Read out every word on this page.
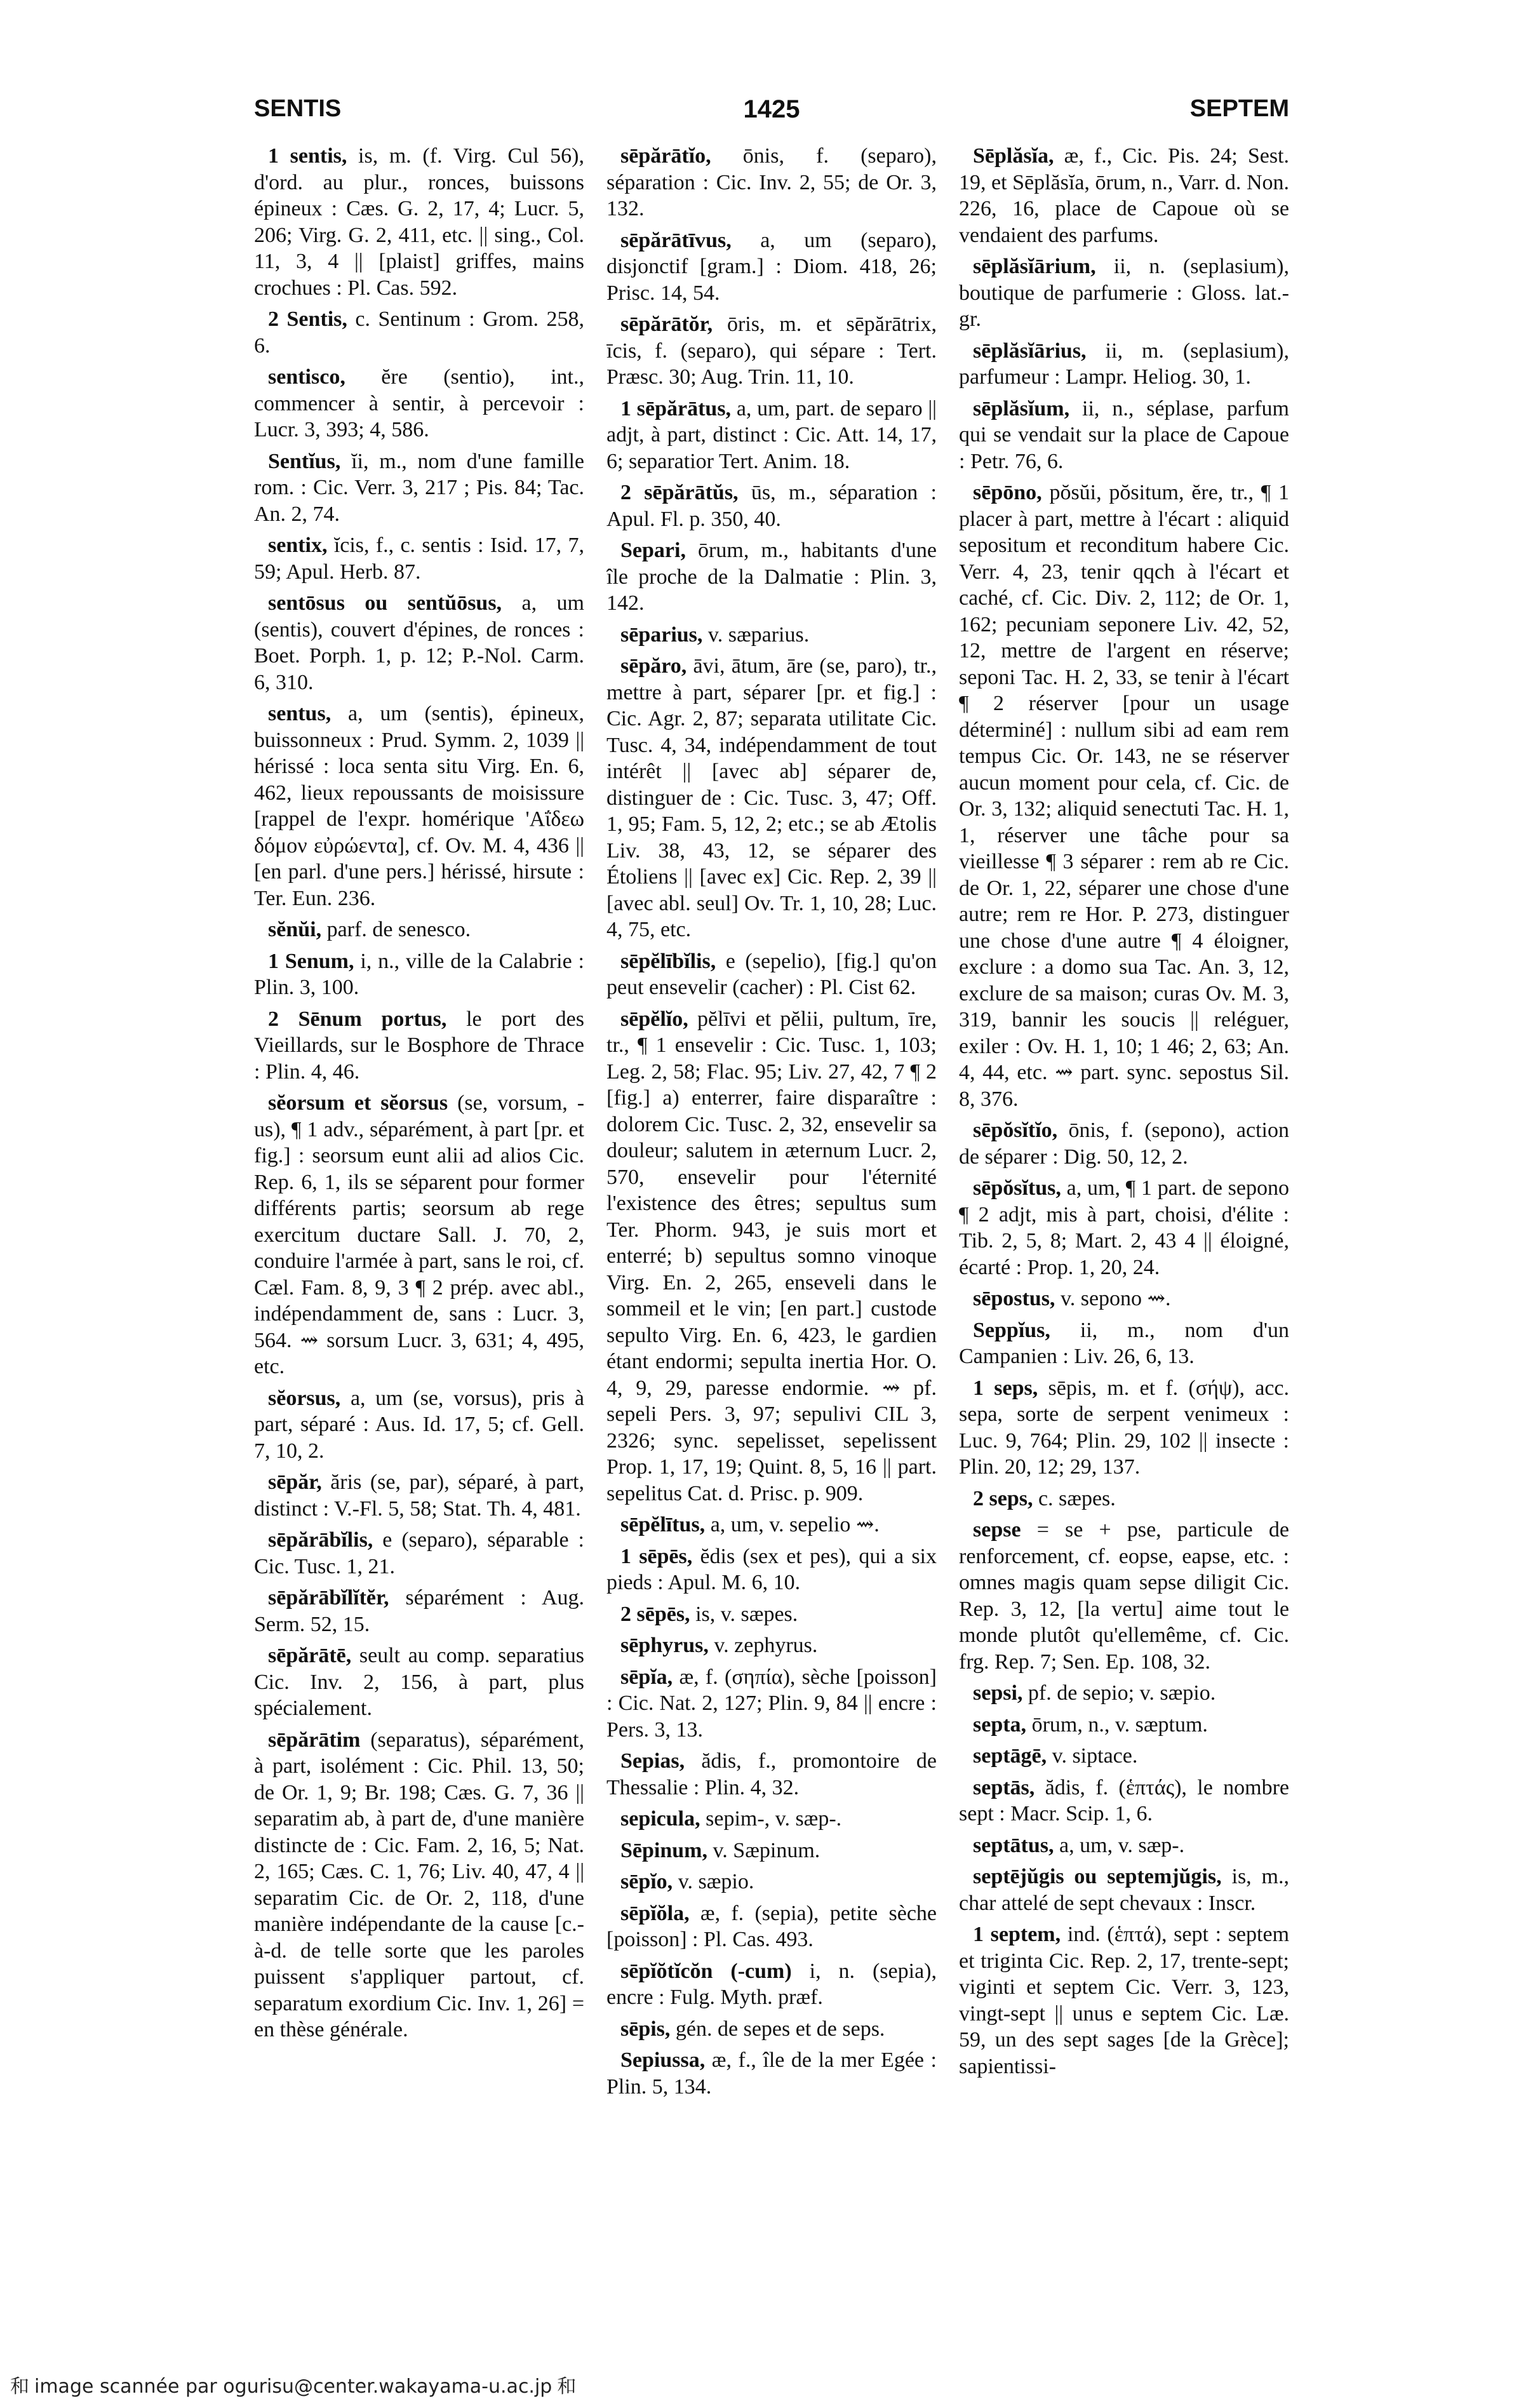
SENTIS	1425	SEPTEM

1 sentis, is, m. (f. Virg. Cul 56), d'ord. au plur., ronces, buissons épineux : Cæs. G. 2, 17, 4; Lucr. 5, 206; Virg. G. 2, 411, etc. || sing., Col. 11, 3, 4 || [plaist] griffes, mains crochues : Pl. Cas. 592.

2 Sentis, c. Sentinum : Grom. 258, 6.

sentisco, ĕre (sentio), int., commencer à sentir, à percevoir : Lucr. 3, 393; 4, 586.

Sentĭus, ĭi, m., nom d'une famille rom. : Cic. Verr. 3, 217 ; Pis. 84; Tac. An. 2, 74.

sentix, ĭcis, f., c. sentis : Isid. 17, 7, 59; Apul. Herb. 87.

sentōsus ou sentŭōsus, a, um (sentis), couvert d'épines, de ronces : Boet. Porph. 1, p. 12; P.-Nol. Carm. 6, 310.

sentus, a, um (sentis), épineux, buissonneux : Prud. Symm. 2, 1039 || hérissé : loca senta situ Virg. En. 6, 462, lieux repoussants de moisissure [rappel de l'expr. homérique 'Αΐδεω δόμον εὐρώεντα], cf. Ov. M. 4, 436 || [en parl. d'une pers.] hérissé, hirsute : Ter. Eun. 236.

sĕnŭi, parf. de senesco.

1 Senum, i, n., ville de la Calabrie : Plin. 3, 100.

2 Sēnum portus, le port des Vieillards, sur le Bosphore de Thrace : Plin. 4, 46.

sĕorsum et sĕorsus (se, vorsum, -us), ¶ 1 adv., séparément, à part [pr. et fig.] : seorsum eunt alii ad alios Cic. Rep. 6, 1, ils se séparent pour former différents partis; seorsum ab rege exercitum ductare Sall. J. 70, 2, conduire l'armée à part, sans le roi, cf. Cæl. Fam. 8, 9, 3 ¶ 2 prép. avec abl., indépendamment de, sans : Lucr. 3, 564. ⇝ sorsum Lucr. 3, 631; 4, 495, etc.

sĕorsus, a, um (se, vorsus), pris à part, séparé : Aus. Id. 17, 5; cf. Gell. 7, 10, 2.

sēpăr, ăris (se, par), séparé, à part, distinct : V.-Fl. 5, 58; Stat. Th. 4, 481.

sēpărābĭlis, e (separo), séparable : Cic. Tusc. 1, 21.

sēpărābĭlĭtĕr, séparément : Aug. Serm. 52, 15.

sēpărātē, seult au comp. separatius Cic. Inv. 2, 156, à part, plus spécialement.

sēpărātim (separatus), séparément, à part, isolément : Cic. Phil. 13, 50; de Or. 1, 9; Br. 198; Cæs. G. 7, 36 || separatim ab, à part de, d'une manière distincte de : Cic. Fam. 2, 16, 5; Nat. 2, 165; Cæs. C. 1, 76; Liv. 40, 47, 4 || separatim Cic. de Or. 2, 118, d'une manière indépendante de la cause [c.-à-d. de telle sorte que les paroles puissent s'appliquer partout, cf. separatum exordium Cic. Inv. 1, 26] = en thèse générale.

sēpărātĭo, ōnis, f. (separo), séparation : Cic. Inv. 2, 55; de Or. 3, 132.

sēpărātīvus, a, um (separo), disjonctif [gram.] : Diom. 418, 26; Prisc. 14, 54.

sēpărātŏr, ōris, m. et sēpărātrix, īcis, f. (separo), qui sépare : Tert. Præsc. 30; Aug. Trin. 11, 10.

1 sēpărātus, a, um, part. de separo || adjt, à part, distinct : Cic. Att. 14, 17, 6; separatior Tert. Anim. 18.

2 sēpărātŭs, ūs, m., séparation : Apul. Fl. p. 350, 40.

Separi, ōrum, m., habitants d'une île proche de la Dalmatie : Plin. 3, 142.

sēparius, v. sæparius.

sēpăro, āvi, ātum, āre (se, paro), tr., mettre à part, séparer [pr. et fig.] : Cic. Agr. 2, 87; separata utilitate Cic. Tusc. 4, 34, indépendamment de tout intérêt || [avec ab] séparer de, distinguer de : Cic. Tusc. 3, 47; Off. 1, 95; Fam. 5, 12, 2; etc.; se ab Ætolis Liv. 38, 43, 12, se séparer des Étoliens || [avec ex] Cic. Rep. 2, 39 || [avec abl. seul] Ov. Tr. 1, 10, 28; Luc. 4, 75, etc.

sēpĕlībĭlis, e (sepelio), [fig.] qu'on peut ensevelir (cacher) : Pl. Cist 62.

sēpĕlĭo, pĕlīvi et pĕlii, pultum, īre, tr., ¶ 1 ensevelir : Cic. Tusc. 1, 103; Leg. 2, 58; Flac. 95; Liv. 27, 42, 7 ¶ 2 [fig.] a) enterrer, faire disparaître : dolorem Cic. Tusc. 2, 32, ensevelir sa douleur; salutem in æternum Lucr. 2, 570, ensevelir pour l'éternité l'existence des êtres; sepultus sum Ter. Phorm. 943, je suis mort et enterré; b) sepultus somno vinoque Virg. En. 2, 265, enseveli dans le sommeil et le vin; [en part.] custode sepulto Virg. En. 6, 423, le gardien étant endormi; sepulta inertia Hor. O. 4, 9, 29, paresse endormie. ⇝ pf. sepeli Pers. 3, 97; sepulivi CIL 3, 2326; sync. sepelisset, sepelissent Prop. 1, 17, 19; Quint. 8, 5, 16 || part. sepelitus Cat. d. Prisc. p. 909.

sēpĕlītus, a, um, v. sepelio ⇝.

1 sēpēs, ĕdis (sex et pes), qui a six pieds : Apul. M. 6, 10.

2 sēpēs, is, v. sæpes.

sēphyrus, v. zephyrus.

sēpĭa, æ, f. (σηπία), sèche [poisson] : Cic. Nat. 2, 127; Plin. 9, 84 || encre : Pers. 3, 13.

Sepias, ădis, f., promontoire de Thessalie : Plin. 4, 32.

sepicula, sepim-, v. sæp-.

Sēpinum, v. Sæpinum.

sēpĭo, v. sæpio.

sēpĭŏla, æ, f. (sepia), petite sèche [poisson] : Pl. Cas. 493.

sēpĭŏtĭcŏn (-cum) i, n. (sepia), encre : Fulg. Myth. præf.

sēpis, gén. de sepes et de seps.

Sepiussa, æ, f., île de la mer Egée : Plin. 5, 134.

Sēplăsĭa, æ, f., Cic. Pis. 24; Sest. 19, et Sēplăsĭa, ōrum, n., Varr. d. Non. 226, 16, place de Capoue où se vendaient des parfums.

sēplăsĭārium, ii, n. (seplasium), boutique de parfumerie : Gloss. lat.-gr.

sēplăsĭārius, ii, m. (seplasium), parfumeur : Lampr. Heliog. 30, 1.

sēplăsĭum, ii, n., séplase, parfum qui se vendait sur la place de Capoue : Petr. 76, 6.

sēpōno, pŏsŭi, pŏsitum, ĕre, tr., ¶ 1 placer à part, mettre à l'écart : aliquid sepositum et reconditum habere Cic. Verr. 4, 23, tenir qqch à l'écart et caché, cf. Cic. Div. 2, 112; de Or. 1, 162; pecuniam seponere Liv. 42, 52, 12, mettre de l'argent en réserve; seponi Tac. H. 2, 33, se tenir à l'écart ¶ 2 réserver [pour un usage déterminé] : nullum sibi ad eam rem tempus Cic. Or. 143, ne se réserver aucun moment pour cela, cf. Cic. de Or. 3, 132; aliquid senectuti Tac. H. 1, 1, réserver une tâche pour sa vieillesse ¶ 3 séparer : rem ab re Cic. de Or. 1, 22, séparer une chose d'une autre; rem re Hor. P. 273, distinguer une chose d'une autre ¶ 4 éloigner, exclure : a domo sua Tac. An. 3, 12, exclure de sa maison; curas Ov. M. 3, 319, bannir les soucis || reléguer, exiler : Ov. H. 1, 10; 1 46; 2, 63; An. 4, 44, etc. ⇝ part. sync. sepostus Sil. 8, 376.

sēpŏsĭtĭo, ōnis, f. (sepono), action de séparer : Dig. 50, 12, 2.

sēpŏsĭtus, a, um, ¶ 1 part. de sepono ¶ 2 adjt, mis à part, choisi, d'élite : Tib. 2, 5, 8; Mart. 2, 43 4 || éloigné, écarté : Prop. 1, 20, 24.

sēpostus, v. sepono ⇝.

Seppĭus, ii, m., nom d'un Campanien : Liv. 26, 6, 13.

1 seps, sēpis, m. et f. (σήψ), acc. sepa, sorte de serpent venimeux : Luc. 9, 764; Plin. 29, 102 || insecte : Plin. 20, 12; 29, 137.

2 seps, c. sæpes.

sepse = se + pse, particule de renforcement, cf. eopse, eapse, etc. : omnes magis quam sepse diligit Cic. Rep. 3, 12, [la vertu] aime tout le monde plutôt qu'ellemême, cf. Cic. frg. Rep. 7; Sen. Ep. 108, 32.

sepsi, pf. de sepio; v. sæpio.

septa, ōrum, n., v. sæptum.

septāgē, v. siptace.

septās, ădis, f. (ἑπτάς), le nombre sept : Macr. Scip. 1, 6.

septātus, a, um, v. sæp-.

septējŭgis ou septemjŭgis, is, m., char attelé de sept chevaux : Inscr.

1 septem, ind. (ἑπτά), sept : septem et triginta Cic. Rep. 2, 17, trente-sept; viginti et septem Cic. Verr. 3, 123, vingt-sept || unus e septem Cic. Læ. 59, un des sept sages [de la Grèce]; sapientissi-

和 image scannée par ogurisu@center.wakayama-u.ac.jp 和
